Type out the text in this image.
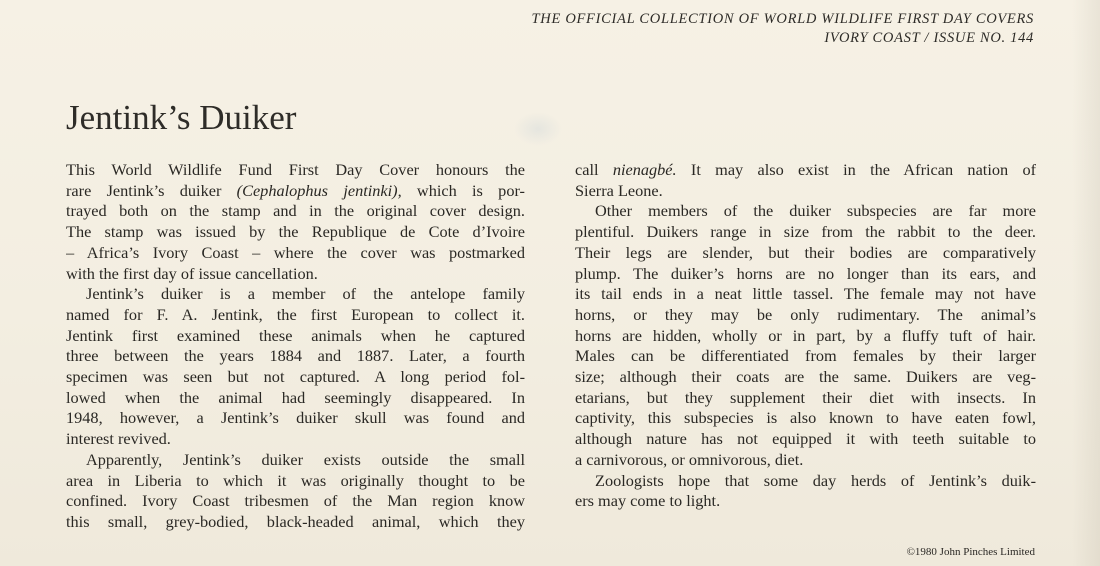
THE OFFICIAL COLLECTION OF WORLD WILDLIFE FIRST DAY COVERS
IVORY COAST / ISSUE NO. 144
Jentink’s Duiker
This World Wildlife Fund First Day Cover honours the
rare Jentink’s duiker (Cephalophus jentinki), which is por-
trayed both on the stamp and in the original cover design.
The stamp was issued by the Republique de Cote d’Ivoire
– Africa’s Ivory Coast – where the cover was postmarked
with the first day of issue cancellation.
Jentink’s duiker is a member of the antelope family
named for F. A. Jentink, the first European to collect it.
Jentink first examined these animals when he captured
three between the years 1884 and 1887. Later, a fourth
specimen was seen but not captured. A long period fol-
lowed when the animal had seemingly disappeared. In
1948, however, a Jentink’s duiker skull was found and
interest revived.
Apparently, Jentink’s duiker exists outside the small
area in Liberia to which it was originally thought to be
confined. Ivory Coast tribesmen of the Man region know
this small, grey-bodied, black-headed animal, which they
call nienagbé. It may also exist in the African nation of
Sierra Leone.
Other members of the duiker subspecies are far more
plentiful. Duikers range in size from the rabbit to the deer.
Their legs are slender, but their bodies are comparatively
plump. The duiker’s horns are no longer than its ears, and
its tail ends in a neat little tassel. The female may not have
horns, or they may be only rudimentary. The animal’s
horns are hidden, wholly or in part, by a fluffy tuft of hair.
Males can be differentiated from females by their larger
size; although their coats are the same. Duikers are veg-
etarians, but they supplement their diet with insects. In
captivity, this subspecies is also known to have eaten fowl,
although nature has not equipped it with teeth suitable to
a carnivorous, or omnivorous, diet.
Zoologists hope that some day herds of Jentink’s duik-
ers may come to light.
©1980 John Pinches Limited
